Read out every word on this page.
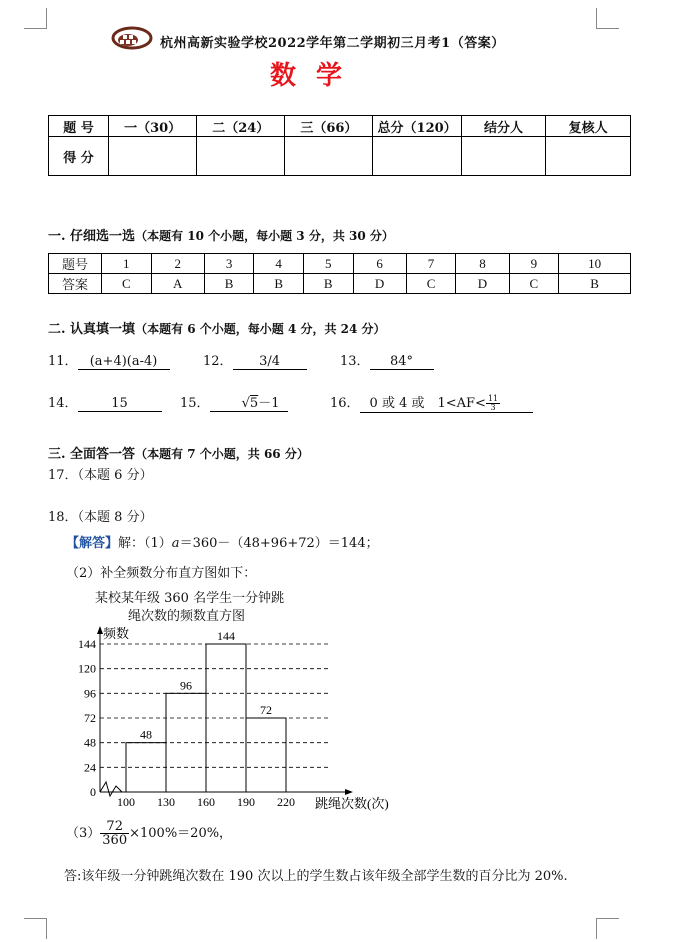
杭州高新实验学校2022学年第二学期初三月考1（答案）
数学
题 号	一（30）	二（24）	三（66）	总分（120）	结分人	复核人
得 分						
一. 仔细选一选（本题有 10 个小题，每小题 3 分，共 30 分）
题号	1	2	3	4	5	6	7	8	9	10
答案	C	A	B	B	B	D	C	D	C	B
二. 认真填一填（本题有 6 个小题，每小题 4 分，共 24 分）
11． (a+4)(a-4)	12． 3/4	13． 84°
14．	15	15． √5－1	16． 0 或 4 或　$1<AF< \frac{11}{3}$
三. 全面答一答（本题有 7 个小题，共 66 分）
17．（本题 6 分）
18．（本题 8 分）
【解答】解：（1）a＝360－（48+96+72）＝144；
（2）补全频数分布直方图如下：
某校某年级 360 名学生一分钟跳
绳次数的频数直方图
0
24
48
72
96
120
144
100 130 160 190 220
48
96
144
72
频数
跳绳次数(次)
$(3) \frac{72}{360} \times 100\%=20\%$，
答:该年级一分钟跳绳次数在 190 次以上的学生数占该年级全部学生数的百分比为 20%.
